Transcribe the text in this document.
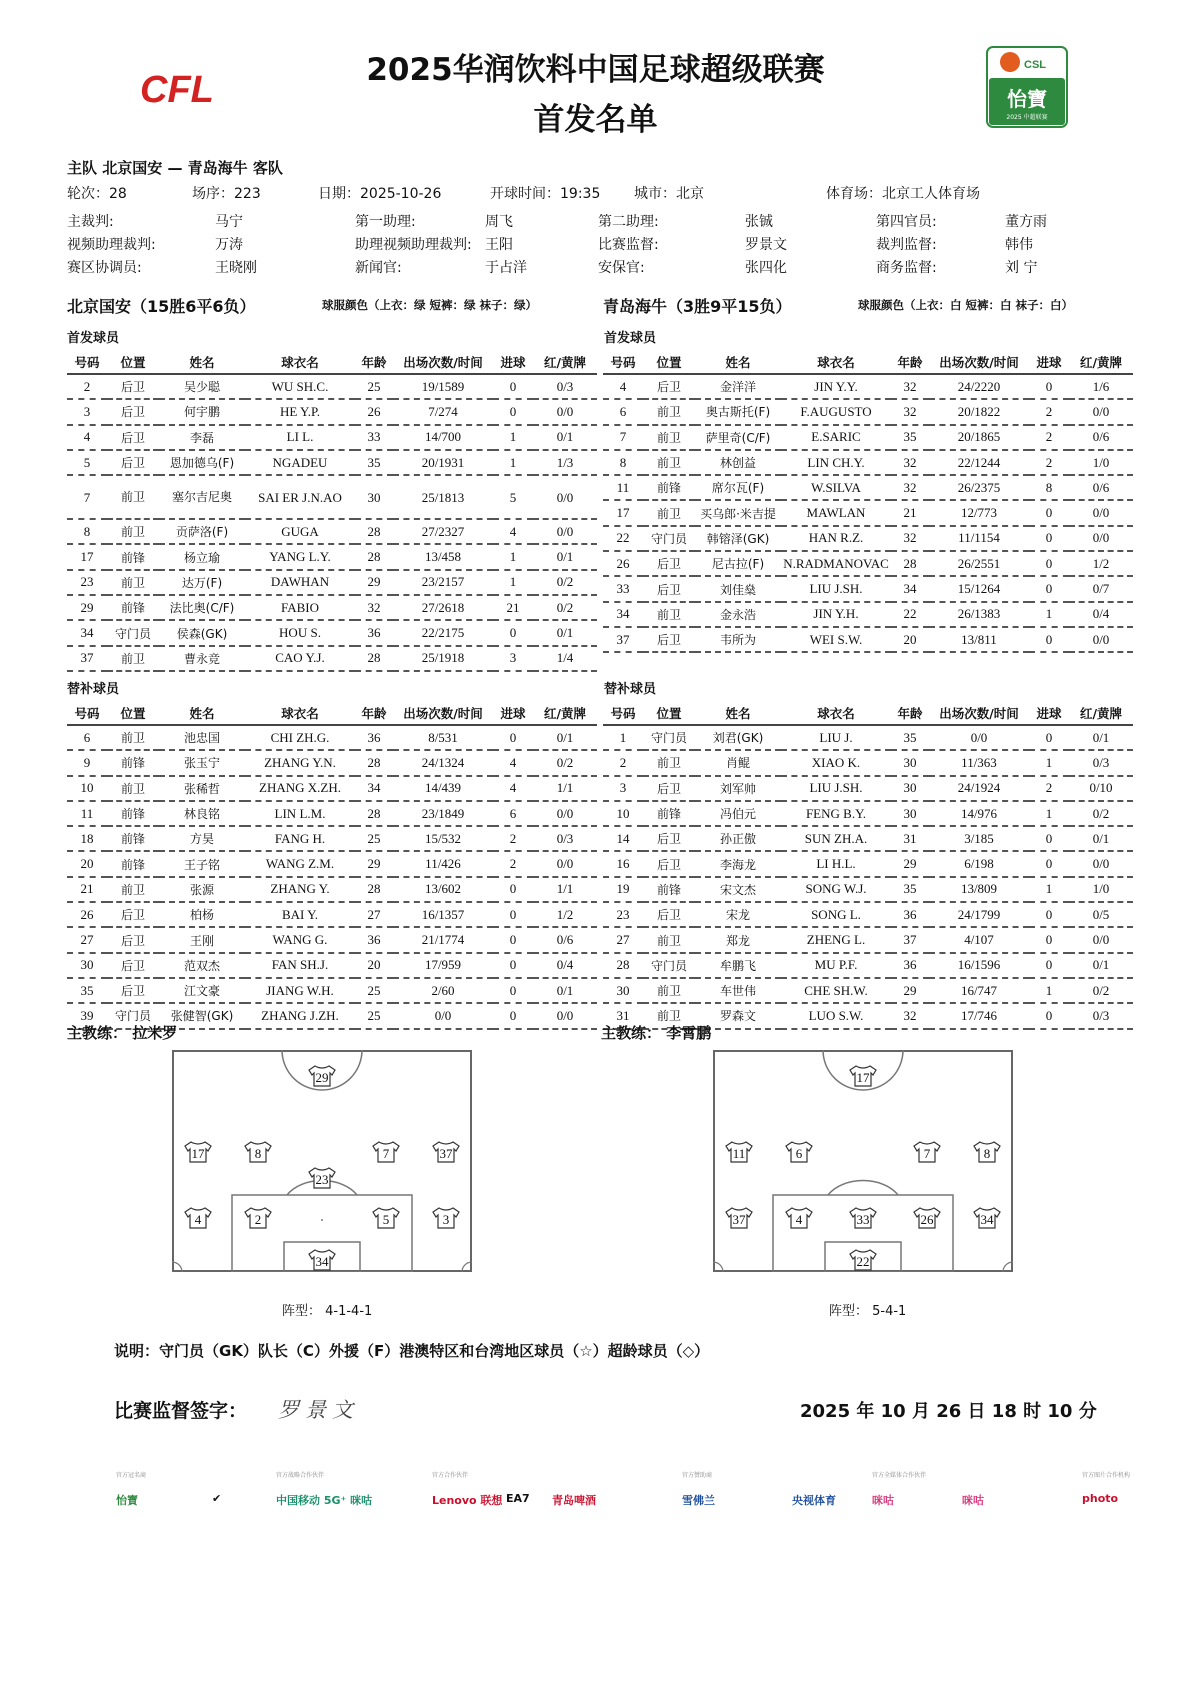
CFL
CSL
怡寶
2025 中超联赛
2025华润饮料中国足球超级联赛
首发名单
主队 北京国安 — 青岛海牛 客队
轮次：28	场序：223	日期：2025-10-26	开球时间：19:35 城市：北京	体育场：北京工人体育场
主裁判:	马宁	第一助理:	周飞	第二助理:	张铖	第四官员:	董方雨
视频助理裁判:	万涛	助理视频助理裁判: 王阳	比赛监督:	罗景文	裁判监督:	韩伟
赛区协调员:	王晓刚	新闻官:	于占洋	安保官:	张四化	商务监督:	刘 宁
北京国安（15胜6平6负）	球服颜色（上衣：绿 短裤：绿 袜子：绿）	青岛海牛（3胜9平15负）	球服颜色（上衣：白 短裤：白 袜子：白）
首发球员	首发球员
号码	位置	姓名	球衣名	年龄	出场次数/时间	进球	红/黄牌
2	后卫	吴少聪	WU SH.C.	25	19/1589	0	0/3
3	后卫	何宇鹏	HE Y.P.	26	7/274	0	0/0
4	后卫	李磊	LI L.	33	14/700	1	0/1
5	后卫	恩加德乌(F)	NGADEU	35	20/1931	1	1/3
7	前卫	塞尔吉尼奥	SAI ER J.N.AO	30	25/1813	5	0/0
8	前卫	贡萨洛(F)	GUGA	28	27/2327	4	0/0
17	前锋	杨立瑜	YANG L.Y.	28	13/458	1	0/1
23	前卫	达万(F)	DAWHAN	29	23/2157	1	0/2
29	前锋	法比奥(C/F)	FABIO	32	27/2618	21	0/2
34	守门员	侯森(GK)	HOU S.	36	22/2175	0	0/1
37	前卫	曹永竞	CAO Y.J.	28	25/1918	3	1/4
号码	位置	姓名	球衣名	年龄	出场次数/时间	进球	红/黄牌
4	后卫	金洋洋	JIN Y.Y.	32	24/2220	0	1/6
6	前卫	奥古斯托(F)	F.AUGUSTO	32	20/1822	2	0/0
7	前卫	萨里奇(C/F)	E.SARIC	35	20/1865	2	0/6
8	前卫	林创益	LIN CH.Y.	32	22/1244	2	1/0
11	前锋	席尔瓦(F)	W.SILVA	32	26/2375	8	0/6
17	前卫	买乌郎·米吉提	MAWLAN	21	12/773	0	0/0
22	守门员	韩镕泽(GK)	HAN R.Z.	32	11/1154	0	0/0
26	后卫	尼古拉(F)	N.RADMANOVAC	28	26/2551	0	1/2
33	后卫	刘佳燊	LIU J.SH.	34	15/1264	0	0/7
34	前卫	金永浩	JIN Y.H.	22	26/1383	1	0/4
37	后卫	韦所为	WEI S.W.	20	13/811	0	0/0
替补球员	替补球员
号码	位置	姓名	球衣名	年龄	出场次数/时间	进球	红/黄牌
6	前卫	池忠国	CHI ZH.G.	36	8/531	0	0/1
9	前锋	张玉宁	ZHANG Y.N.	28	24/1324	4	0/2
10	前卫	张稀哲	ZHANG X.ZH.	34	14/439	4	1/1
11	前锋	林良铭	LIN L.M.	28	23/1849	6	0/0
18	前锋	方昊	FANG H.	25	15/532	2	0/3
20	前锋	王子铭	WANG Z.M.	29	11/426	2	0/0
21	前卫	张源	ZHANG Y.	28	13/602	0	1/1
26	后卫	柏杨	BAI Y.	27	16/1357	0	1/2
27	后卫	王刚	WANG G.	36	21/1774	0	0/6
30	后卫	范双杰	FAN SH.J.	20	17/959	0	0/4
35	后卫	江文豪	JIANG W.H.	25	2/60	0	0/1
39	守门员	张健智(GK)	ZHANG J.ZH.	25	0/0	0	0/0
号码	位置	姓名	球衣名	年龄	出场次数/时间	进球	红/黄牌
1	守门员	刘君(GK)	LIU J.	35	0/0	0	0/1
2	前卫	肖鲲	XIAO K.	30	11/363	1	0/3
3	后卫	刘军帅	LIU J.SH.	30	24/1924	2	0/10
10	前锋	冯伯元	FENG B.Y.	30	14/976	1	0/2
14	后卫	孙正傲	SUN ZH.A.	31	3/185	0	0/1
16	后卫	李海龙	LI H.L.	29	6/198	0	0/0
19	前锋	宋文杰	SONG W.J.	35	13/809	1	1/0
23	后卫	宋龙	SONG L.	36	24/1799	0	0/5
27	前卫	郑龙	ZHENG L.	37	4/107	0	0/0
28	守门员	牟鹏飞	MU P.F.	36	16/1596	0	0/1
30	前卫	车世伟	CHE SH.W.	29	16/747	1	0/2
31	前卫	罗森文	LUO S.W.	32	17/746	0	0/3
主教练： 拉米罗	主教练： 李霄鹏
29
17	8	7	37
23
4	2	5	3
34
17
11	6	7	8
37	4	33	26	34
22
阵型： 4-1-4-1	阵型： 5-4-1
说明：守门员（GK）队长（C）外援（F）港澳特区和台湾地区球员（☆）超龄球员（◇）
比赛监督签字： 罗景文	2025 年 10 月 26 日 18 时 10 分
官方冠名商
怡寶	✔
官方战略合作伙伴
中国移动 5G⁺ 咪咕
官方合作伙伴
Lenovo 联想 EA7 青岛啤酒
官方赞助商
雪佛兰	央视体育
官方全媒体合作伙伴
咪咕	咪咕
官方图片合作机构
photo
